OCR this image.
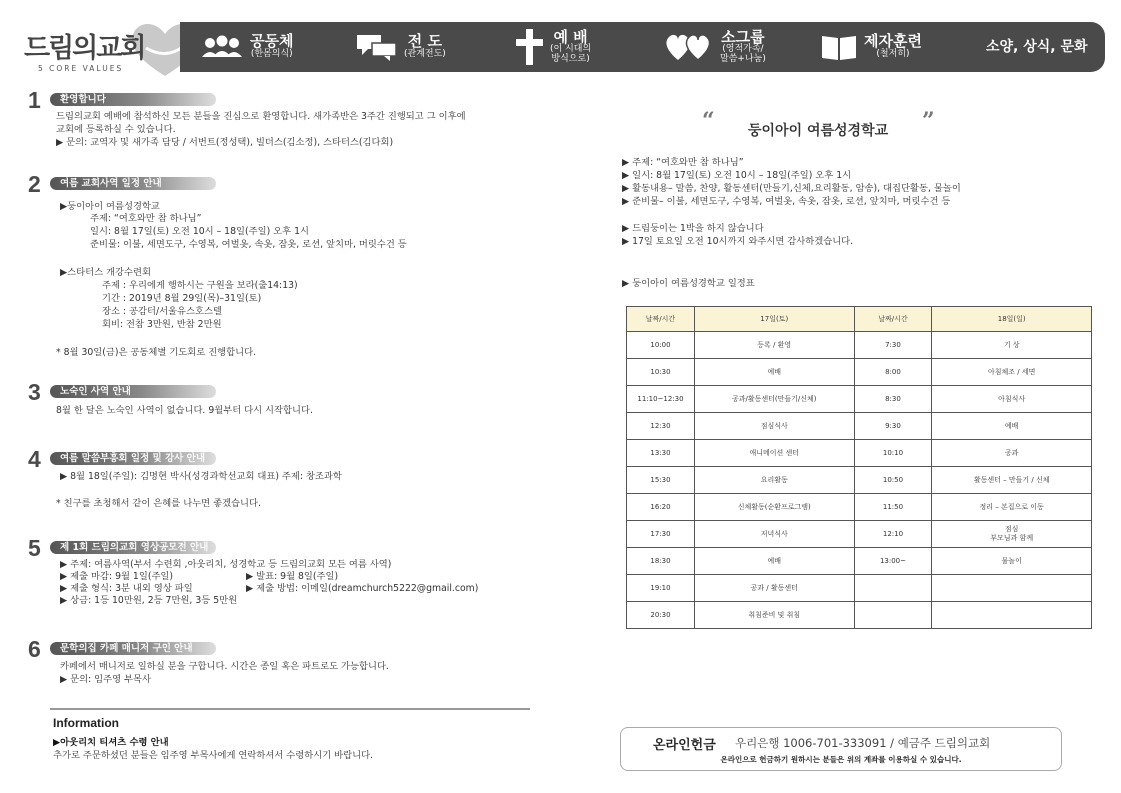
드림의교회
5 CORE VALUES
공동체
(한몸의식)
전 도
(관계전도)
예 배
(이 시대의
방식으로)
소그룹
(영적가족/
말씀+나눔)
제자훈련
(철저히)	소양, 상식, 문화
1 환영합니다
드림의교회 예배에 참석하신 모든 분들을 진심으로 환영합니다. 새가족반은 3주간 진행되고 그 이후에
교회에 등록하실 수 있습니다.
▶ 문의: 교역자 및 새가족 담당 / 서번트(정성택), 빌더스(김소정), 스타터스(김다회)
2 여름 교회사역 일정 안내
▶둥이아이 여름성경학교
주제: “여호와만 참 하나님”
일시: 8월 17일(토) 오전 10시 – 18일(주일) 오후 1시
준비물: 이불, 세면도구, 수영복, 여벌옷, 속옷, 잠옷, 로션, 앞치마, 머릿수건 등
▶스타터스 개강수련회
주제 : 우리에게 행하시는 구원을 보라(출14:13)
기간 : 2019년 8월 29일(목)–31일(토)
장소 : 공감터/서울유스호스텔
회비: 전참 3만원, 반참 2만원
* 8월 30일(금)은 공동체별 기도회로 진행합니다.
3 노숙인 사역 안내
8월 한 달은 노숙인 사역이 없습니다. 9월부터 다시 시작합니다.
4 여름 말씀부흥회 일정 및 강사 안내
▶ 8월 18일(주일): 김명현 박사(성경과학선교회 대표) 주제: 창조과학
* 친구를 초청해서 같이 은혜를 나누면 좋겠습니다.
5 제 1회 드림의교회 영상공모전 안내
▶ 주제: 여름사역(부서 수련회 ,아웃리치, 성경학교 등 드림의교회 모든 여름 사역)
▶ 제출 마감: 9월 1일(주일)	▶ 발표: 9월 8일(주일)
▶ 제출 형식: 3분 내외 영상 파일	▶ 제출 방법: 이메일(dreamchurch5222@gmail.com)
▶ 상금: 1등 10만원, 2등 7만원, 3등 5만원
6 문학의집 카페 매니저 구인 안내
카페에서 매니저로 일하실 분을 구합니다. 시간은 종일 혹은 파트로도 가능합니다.
▶ 문의: 임주영 부목사
Information
▶아웃리치 티셔츠 수령 안내
추가로 주문하셨던 분들은 임주영 부목사에게 연락하셔서 수령하시기 바랍니다.
“ 둥이아이 여름성경학교 ”
▶ 주제: “여호와만 참 하나님”
▶ 일시: 8월 17일(토) 오전 10시 – 18일(주일) 오후 1시
▶ 활동내용– 말씀, 찬양, 활동센터(만들기,신체,요리활동, 암송), 대집단활동, 물놀이
▶ 준비물– 이불, 세면도구, 수영복, 여벌옷, 속옷, 잠옷, 로션, 앞치마, 머릿수건 등
▶ 드림둥이는 1박을 하지 않습니다
▶ 17일 토요일 오전 10시까지 와주시면 감사하겠습니다.
▶ 둥이아이 여름성경학교 일정표
날짜/시간	17일(토)	날짜/시간	18일(일)
10:00	등록 / 환영	7:30	기 상
10:30	예배	8:00	아침체조 / 세면
11:10~12:30	공과/활동센터(만들기/신체)	8:30	아침식사
12:30	점심식사	9:30	예배
13:30	애니메이션 센터	10:10	공과
15:30	요리활동	10:50	활동센터 – 만들기 / 신체
16:20	신체활동(순환프로그램)	11:50	정리 – 본집으로 이동
17:30	저녁식사	12:10	점심
부모님과 함께
18:30	예배	13:00~	물놀이
19:10	공과 / 활동센터		
20:30	취침준비 및 취침		
온라인헌금 우리은행 1006-701-333091 / 예금주 드림의교회
온라인으로 헌금하기 원하시는 분들은 위의 계좌를 이용하실 수 있습니다.
